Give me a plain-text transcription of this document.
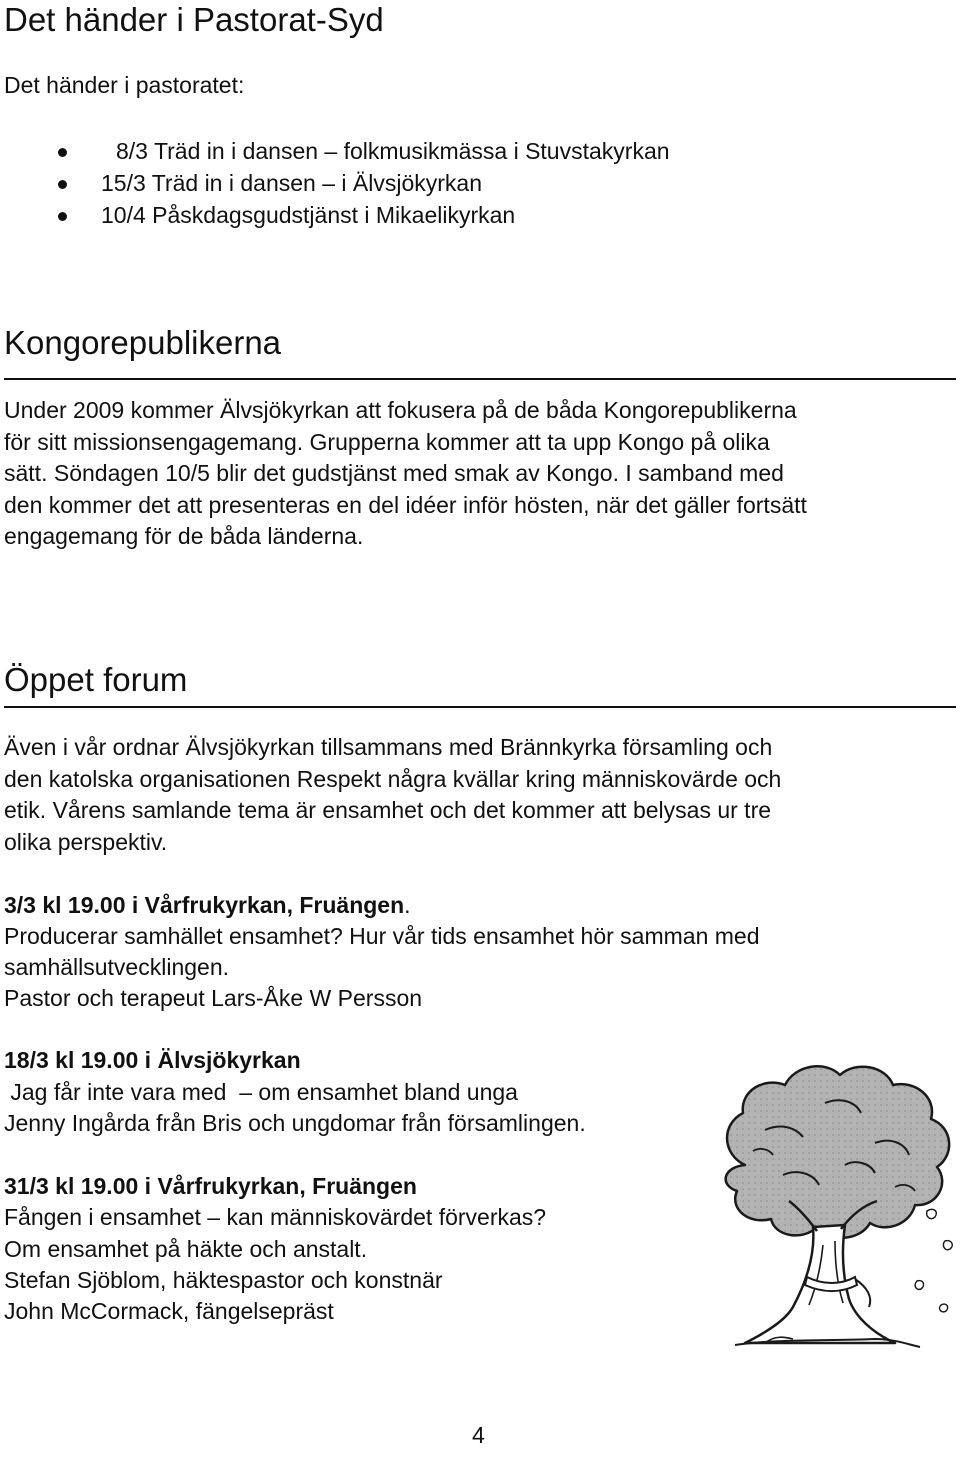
Det händer i Pastorat-Syd
Det händer i pastoratet:
8/3 Träd in i dansen – folkmusikmässa i Stuvstakyrkan
15/3 Träd in i dansen – i Älvsjökyrkan
10/4 Påskdagsgudstjänst i Mikaelikyrkan
Kongorepublikerna
Under 2009 kommer Älvsjökyrkan att fokusera på de båda Kongorepublikerna
för sitt missionsengagemang. Grupperna kommer att ta upp Kongo på olika
sätt. Söndagen 10/5 blir det gudstjänst med smak av Kongo. I samband med
den kommer det att presenteras en del idéer inför hösten, när det gäller fortsätt
engagemang för de båda länderna.
Öppet forum
Även i vår ordnar Älvsjökyrkan tillsammans med Brännkyrka församling och
den katolska organisationen Respekt några kvällar kring människovärde och
etik. Vårens samlande tema är ensamhet och det kommer att belysas ur tre
olika perspektiv.
3/3 kl 19.00 i Vårfrukyrkan, Fruängen.
Producerar samhället ensamhet? Hur vår tids ensamhet hör samman med
samhällsutvecklingen.
Pastor och terapeut Lars-Åke W Persson
18/3 kl 19.00 i Älvsjökyrkan
Jag får inte vara med  – om ensamhet bland unga
Jenny Ingårda från Bris och ungdomar från församlingen.
31/3 kl 19.00 i Vårfrukyrkan, Fruängen
Fången i ensamhet – kan människovärdet förverkas?
Om ensamhet på häkte och anstalt.
Stefan Sjöblom, häktespastor och konstnär
John McCormack, fängelsepräst
4
